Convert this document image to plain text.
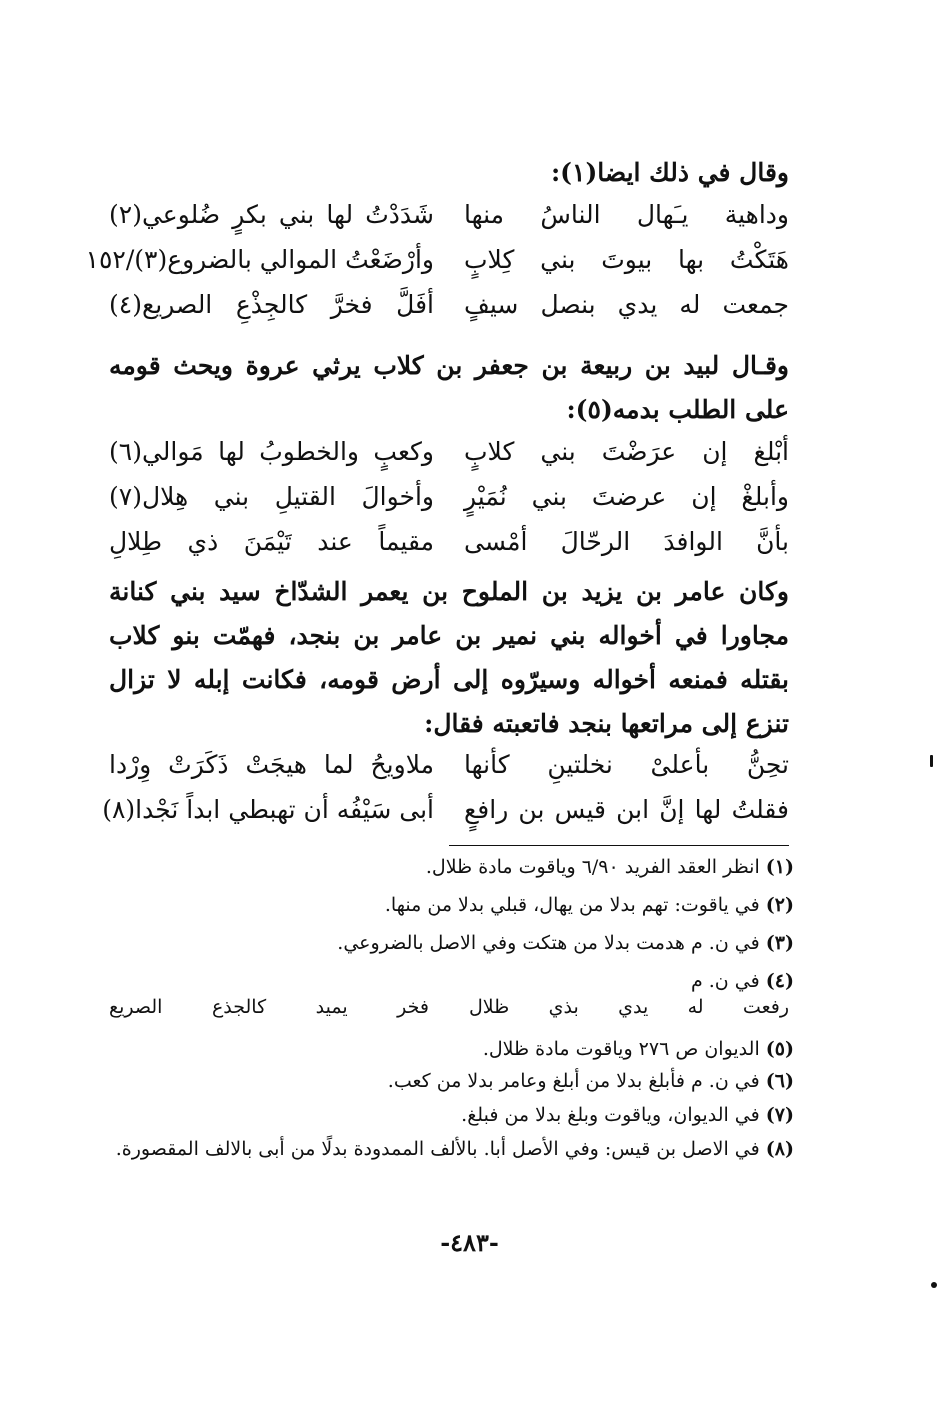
وقال في ذلك ايضا(١):
وداهية يـَهال الناسُ منها
شَدَدْتُ لها بني بكرٍ ضُلوعي(٢)
هَتَكْتُ بها بيوتَ بني كِلابٍ
وأرْضَعْتُ الموالي بالضروع(٣)/١٥٢
جمعت له يدي بنصل سيفٍ
أفَلَّ فخرَّ كالجِذْعِ الصريع(٤)
وقـال لبيد بن ربيعة بن جعفر بن كلاب يرثي عروة ويحث قومه على الطلب بدمه(٥):
أبْلغ إن عرَضْتَ بني كلابٍ
وكعبٍ والخطوبُ لها مَوالي(٦)
وأبلغْ إن عرضتَ بني نُمَيْرٍ
وأخوالَ القتيلِ بني هِلال(٧)
بأنَّ الوافدَ الرحّالَ أمْسى
مقيماً عند تَيْمَنَ ذي طِلالِ
وكان عامر بن يزيد بن الملوح بن يعمر الشدّاخ سيد بني كنانة مجاورا في أخواله بني نمير بن عامر بن بنجد، فهمّت بنو كلاب بقتله فمنعه أخواله وسيرّوه إلى أرض قومه، فكانت إبله لا تزال تنزع إلى مراتعها بنجد فاتعبته فقال:
تحِنُّ بأعلىْ نخلتينِ كأنها
ملاويحُ لما هيجَتْ ذَكَرَتْ وِرْدا
فقلتُ لها إنَّ ابن قيس بن رافعٍ
أبى سَيْفُه أن تهبطي ابداً نَجْدا(٨)
(١) انظر العقد الفريد ٦/٩٠ وياقوت مادة ظلال.
(٢) في ياقوت: تهم بدلا من يهال، قبلي بدلا من منها.
(٣) في ن. م هدمت بدلا من هتكت وفي الاصل بالضروعي.
(٤) في ن. م
رفعت له يدي بذي ظلال
فخر يميد كالجذع الصريع
(٥) الديوان ص ٢٧٦ وياقوت مادة ظلال.
(٦) في ن. م فأبلغ بدلا من أبلغ وعامر بدلا من كعب.
(٧) في الديوان، وياقوت وبلغ بدلا من فبلغ.
(٨) في الاصل بن قيس: وفي الأصل أبا. بالألف الممدودة بدلًا من أبى بالالف المقصورة.
-٤٨٣-
